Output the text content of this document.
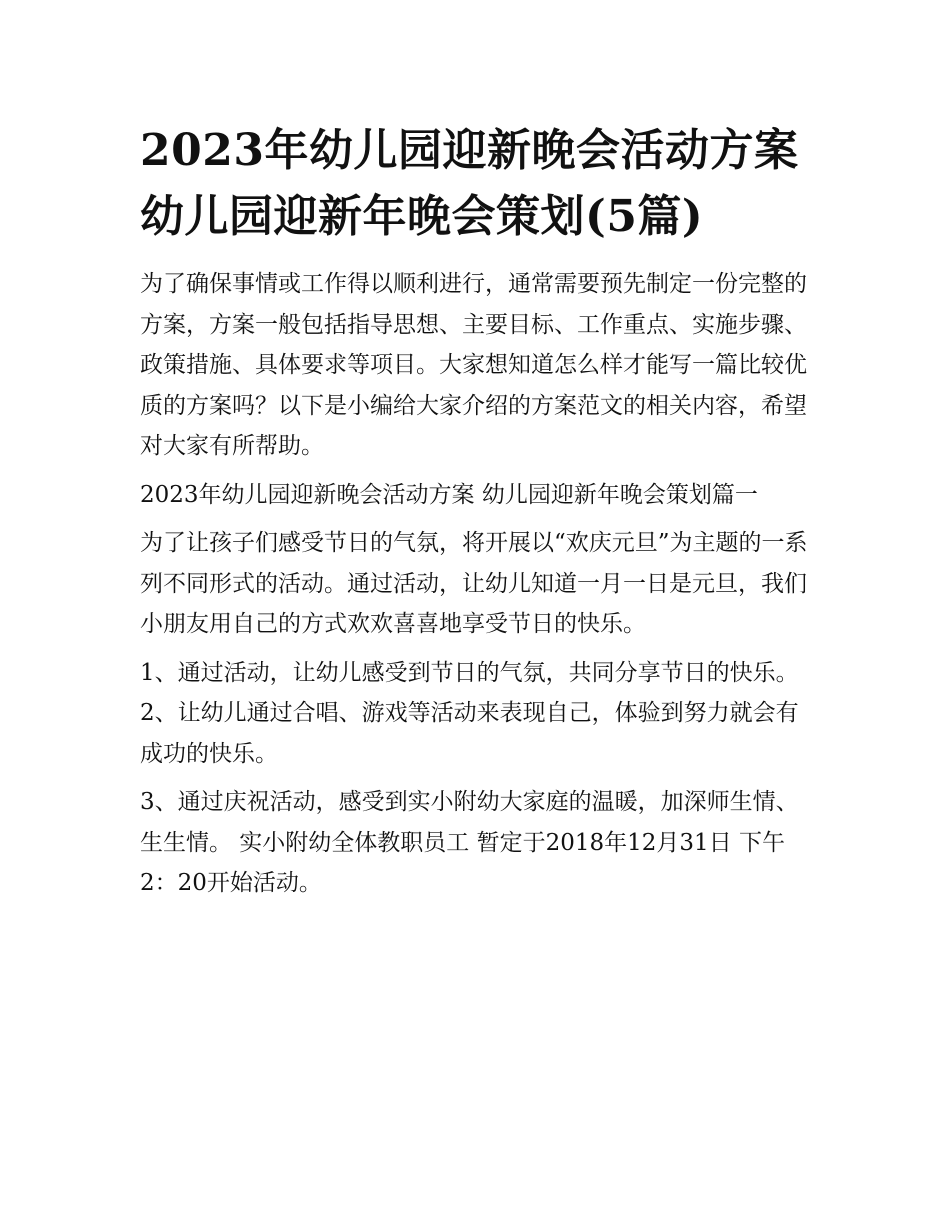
2023年幼儿园迎新晚会活动方案 幼儿园迎新年晚会策划(5篇)

为了确保事情或工作得以顺利进行，通常需要预先制定一份完整的方案，方案一般包括指导思想、主要目标、工作重点、实施步骤、政策措施、具体要求等项目。大家想知道怎么样才能写一篇比较优质的方案吗？以下是小编给大家介绍的方案范文的相关内容，希望对大家有所帮助。

2023年幼儿园迎新晚会活动方案 幼儿园迎新年晚会策划篇一

为了让孩子们感受节日的气氛，将开展以“欢庆元旦”为主题的一系列不同形式的活动。通过活动，让幼儿知道一月一日是元旦，我们小朋友用自己的方式欢欢喜喜地享受节日的快乐。

1、通过活动，让幼儿感受到节日的气氛，共同分享节日的快乐。 2、让幼儿通过合唱、游戏等活动来表现自己，体验到努力就会有成功的快乐。

3、通过庆祝活动，感受到实小附幼大家庭的温暖，加深师生情、生生情。 实小附幼全体教职员工 暂定于2018年12月31日 下午2：20开始活动。
